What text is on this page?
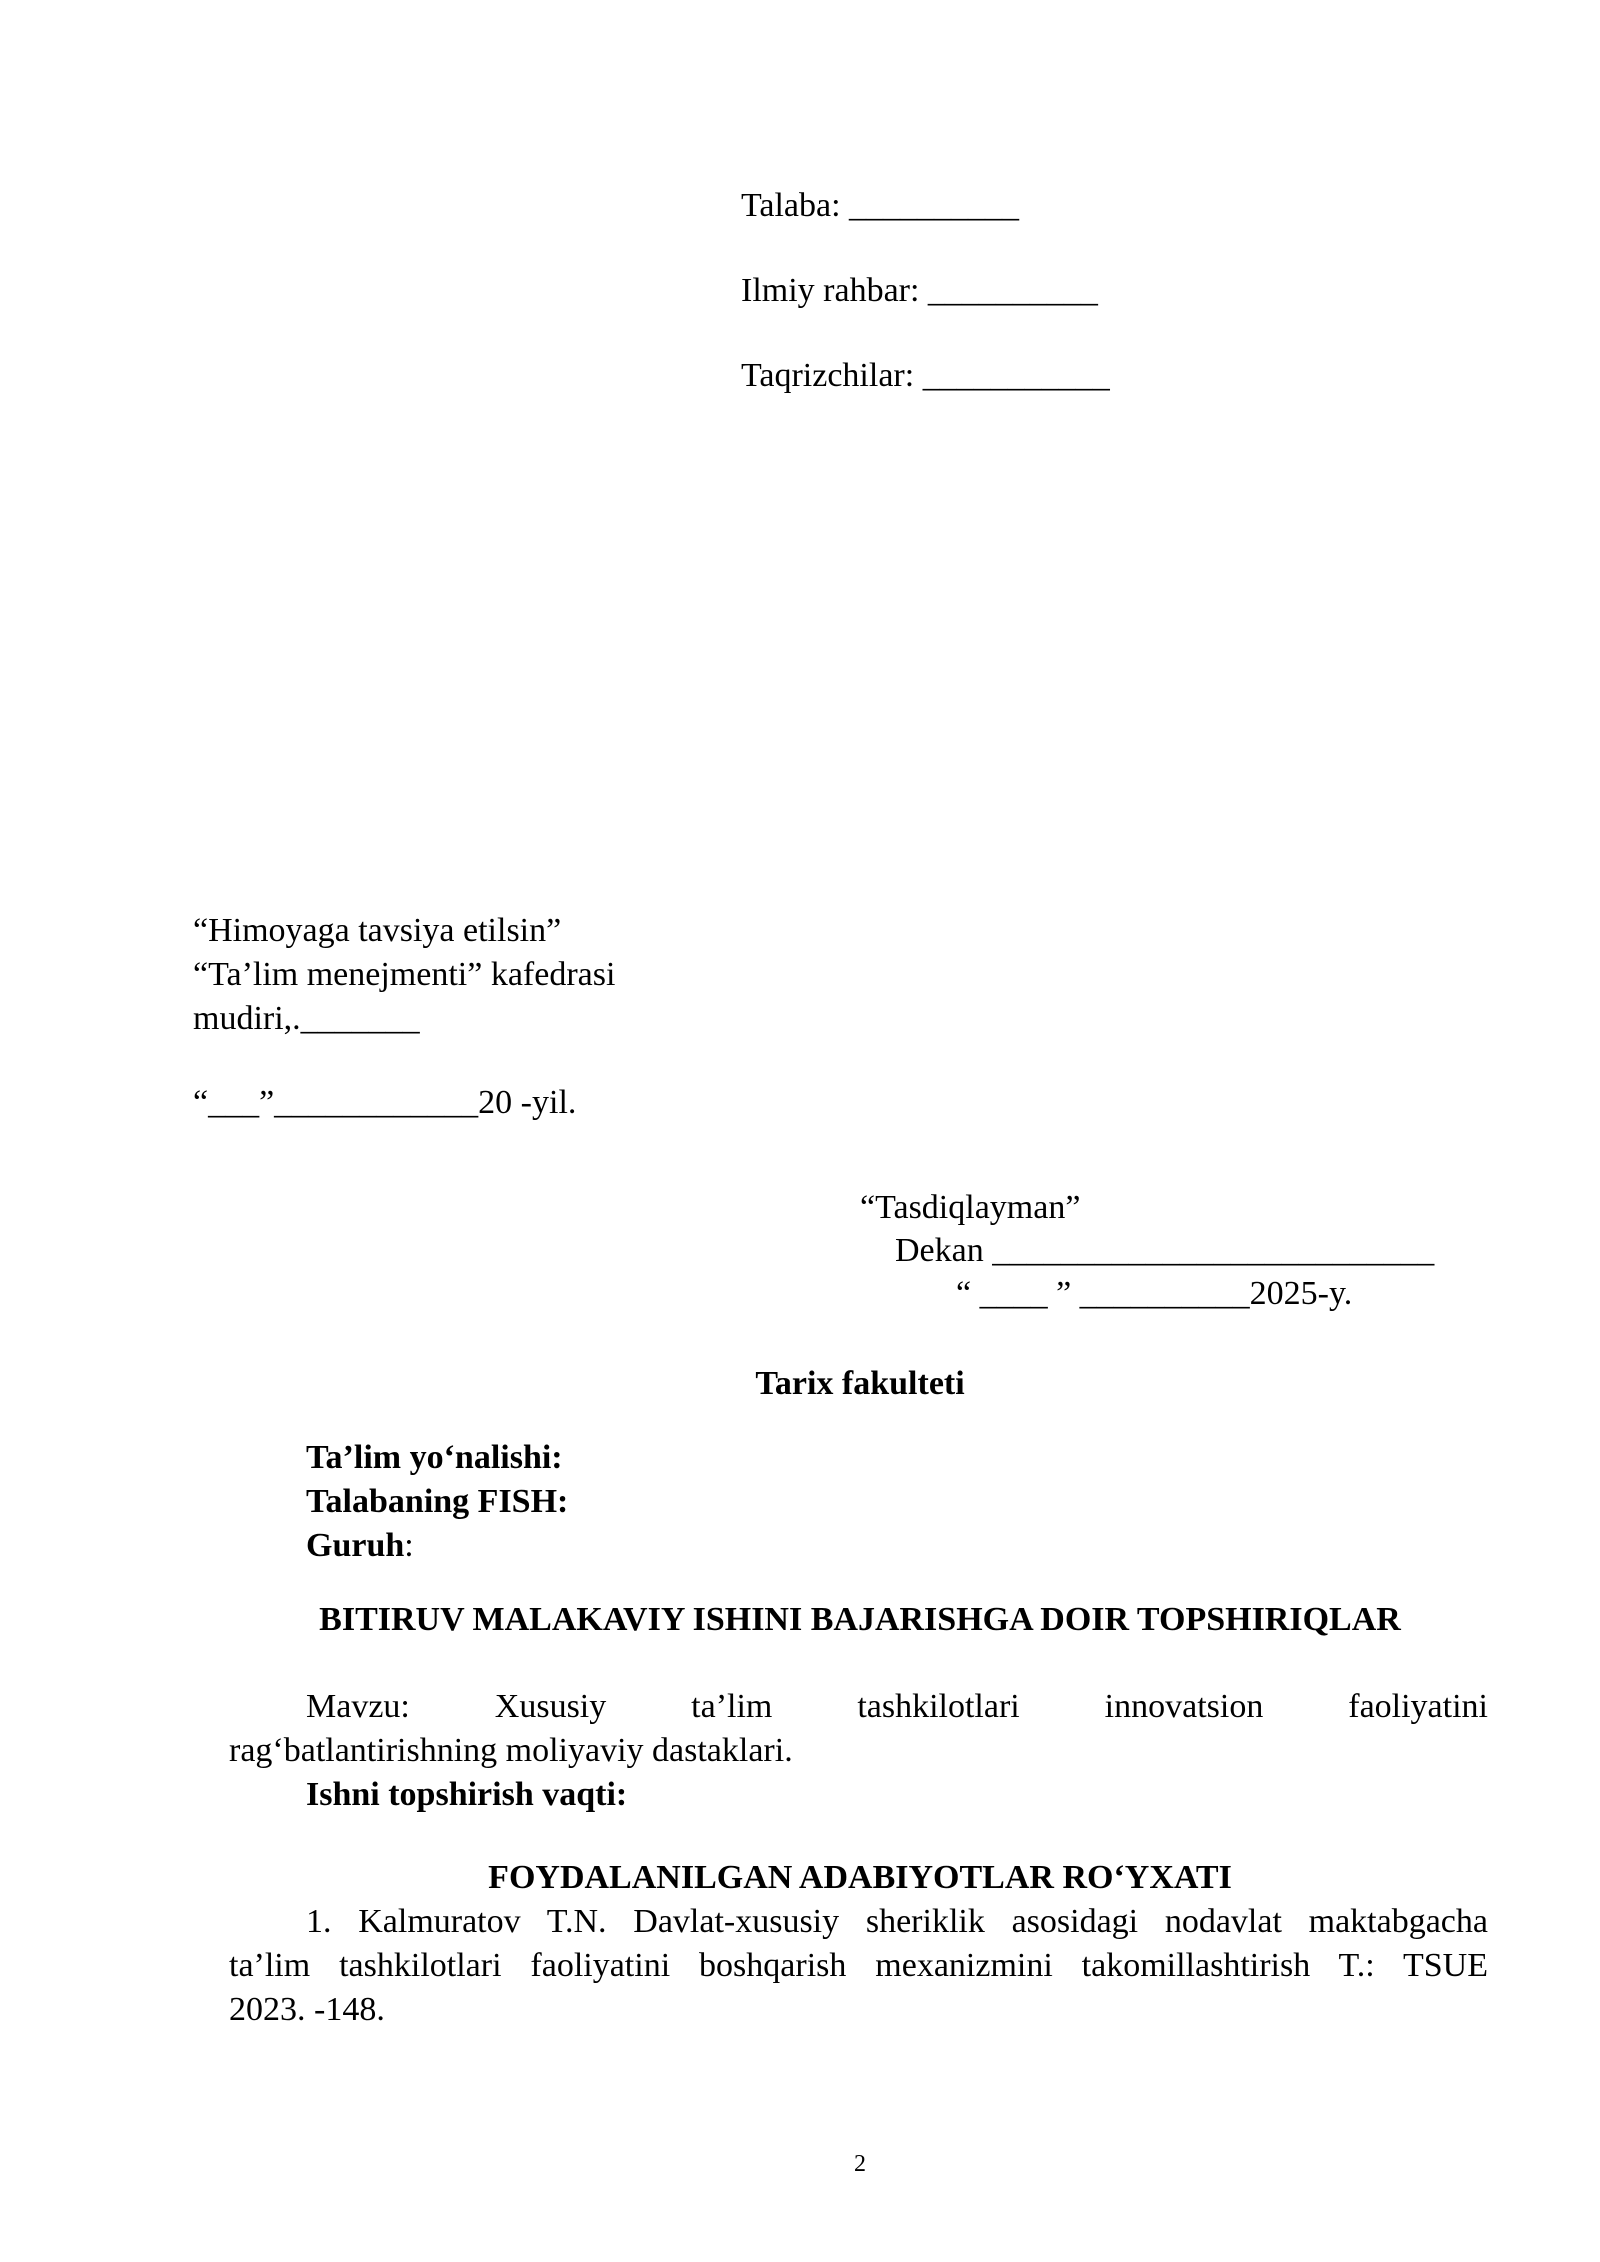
Talaba: __________
Ilmiy rahbar: __________
Taqrizchilar: ___________
“Himoyaga tavsiya etilsin”
“Ta’lim menejmenti” kafedrasi
mudiri,._______
“___”____________20 -yil.
“Tasdiqlayman”
Dekan __________________________
“ ____ ” __________2025-y.
Tarix fakulteti
Ta’lim yo‘nalishi:
Talabaning FISH:
Guruh:
BITIRUV MALAKAVIY ISHINI BAJARISHGA DOIR TOPSHIRIQLAR
Mavzu: Xususiy ta’lim tashkilotlari innovatsion faoliyatini
rag‘batlantirishning moliyaviy dastaklari.
Ishni topshirish vaqti:
FOYDALANILGAN ADABIYOTLAR RO‘YXATI
1. Kalmuratov T.N. Davlat-xususiy sheriklik asosidagi nodavlat maktabgacha
ta’lim tashkilotlari faoliyatini boshqarish mexanizmini takomillashtirish T.: TSUE
2023. -148.
2
